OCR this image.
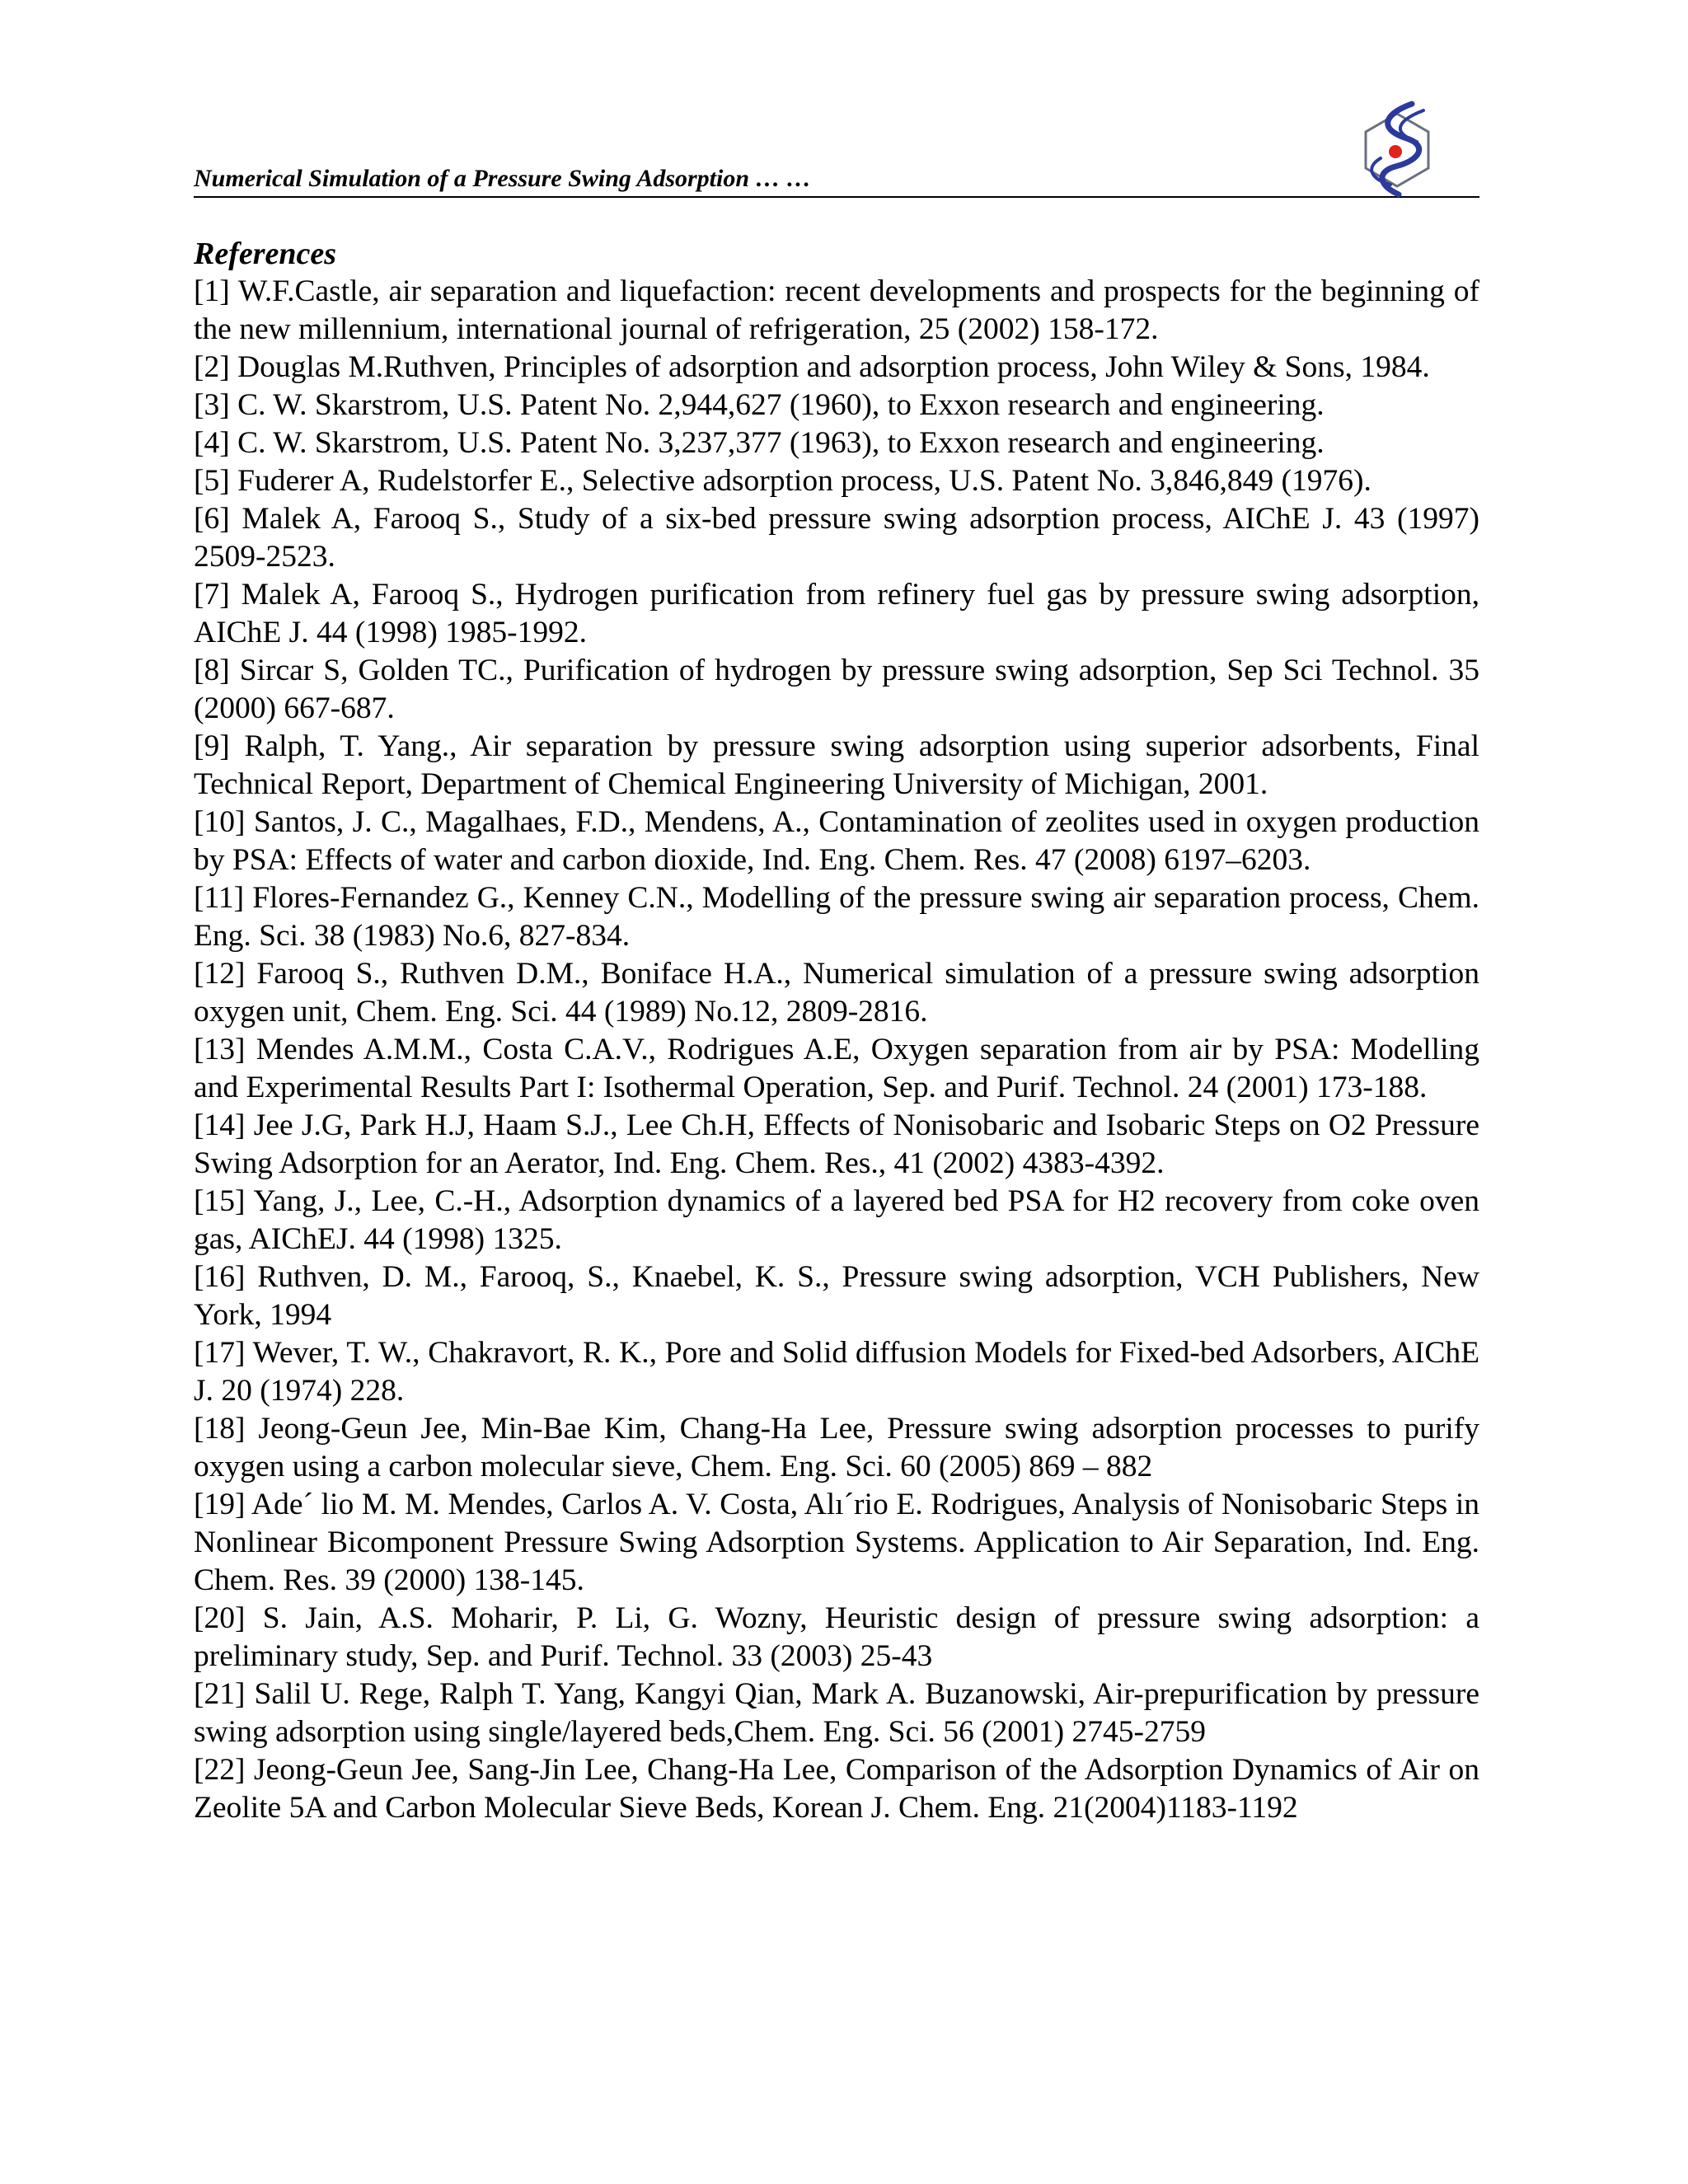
Numerical Simulation of a Pressure Swing Adsorption … …
References
[1] W.F.Castle, air separation and liquefaction: recent developments and prospects for the beginning of the new millennium, international journal of refrigeration, 25 (2002) 158-172.
[2] Douglas M.Ruthven, Principles of adsorption and adsorption process, John Wiley & Sons, 1984.
[3] C. W. Skarstrom, U.S. Patent No. 2,944,627 (1960), to Exxon research and engineering.
[4] C. W. Skarstrom, U.S. Patent No. 3,237,377 (1963), to Exxon research and engineering.
[5] Fuderer A, Rudelstorfer E., Selective adsorption process, U.S. Patent No. 3,846,849 (1976).
[6] Malek A, Farooq S., Study of a six-bed pressure swing adsorption process, AIChE J. 43 (1997) 2509-2523.
[7] Malek A, Farooq S., Hydrogen purification from refinery fuel gas by pressure swing adsorption, AIChE J. 44 (1998) 1985-1992.
[8] Sircar S, Golden TC., Purification of hydrogen by pressure swing adsorption, Sep Sci Technol. 35 (2000) 667-687.
[9] Ralph, T. Yang., Air separation by pressure swing adsorption using superior adsorbents, Final Technical Report, Department of Chemical Engineering University of Michigan, 2001.
[10] Santos, J. C., Magalhaes, F.D., Mendens, A., Contamination of zeolites used in oxygen production by PSA: Effects of water and carbon dioxide, Ind. Eng. Chem. Res. 47 (2008) 6197–6203.
[11] Flores-Fernandez G., Kenney C.N., Modelling of the pressure swing air separation process, Chem. Eng. Sci. 38 (1983) No.6, 827-834.
[12] Farooq S., Ruthven D.M., Boniface H.A., Numerical simulation of a pressure swing adsorption oxygen unit, Chem. Eng. Sci. 44 (1989) No.12, 2809-2816.
[13] Mendes A.M.M., Costa C.A.V., Rodrigues A.E, Oxygen separation from air by PSA: Modelling and Experimental Results Part I: Isothermal Operation, Sep. and Purif. Technol. 24 (2001) 173-188.
[14] Jee J.G, Park H.J, Haam S.J., Lee Ch.H, Effects of Nonisobaric and Isobaric Steps on O2 Pressure Swing Adsorption for an Aerator, Ind. Eng. Chem. Res., 41 (2002) 4383-4392.
[15] Yang, J., Lee, C.-H., Adsorption dynamics of a layered bed PSA for H2 recovery from coke oven gas, AIChEJ. 44 (1998) 1325.
[16] Ruthven, D. M., Farooq, S., Knaebel, K. S., Pressure swing adsorption, VCH Publishers, New York, 1994
[17] Wever, T. W., Chakravort, R. K., Pore and Solid diffusion Models for Fixed-bed Adsorbers, AIChE J. 20 (1974) 228.
[18] Jeong-Geun Jee, Min-Bae Kim, Chang-Ha Lee, Pressure swing adsorption processes to purify oxygen using a carbon molecular sieve, Chem. Eng. Sci. 60 (2005) 869 – 882
[19] Ade´ lio M. M. Mendes, Carlos A. V. Costa, Alı´rio E. Rodrigues, Analysis of Nonisobaric Steps in Nonlinear Bicomponent Pressure Swing Adsorption Systems. Application to Air Separation, Ind. Eng. Chem. Res. 39 (2000) 138-145.
[20] S. Jain, A.S. Moharir, P. Li, G. Wozny, Heuristic design of pressure swing adsorption: a preliminary study, Sep. and Purif. Technol. 33 (2003) 25-43
[21] Salil U. Rege, Ralph T. Yang, Kangyi Qian, Mark A. Buzanowski, Air-prepurification by pressure swing adsorption using single/layered beds,Chem. Eng. Sci. 56 (2001) 2745-2759
[22] Jeong-Geun Jee, Sang-Jin Lee, Chang-Ha Lee, Comparison of the Adsorption Dynamics of Air on Zeolite 5A and Carbon Molecular Sieve Beds, Korean J. Chem. Eng. 21(2004)1183-1192
